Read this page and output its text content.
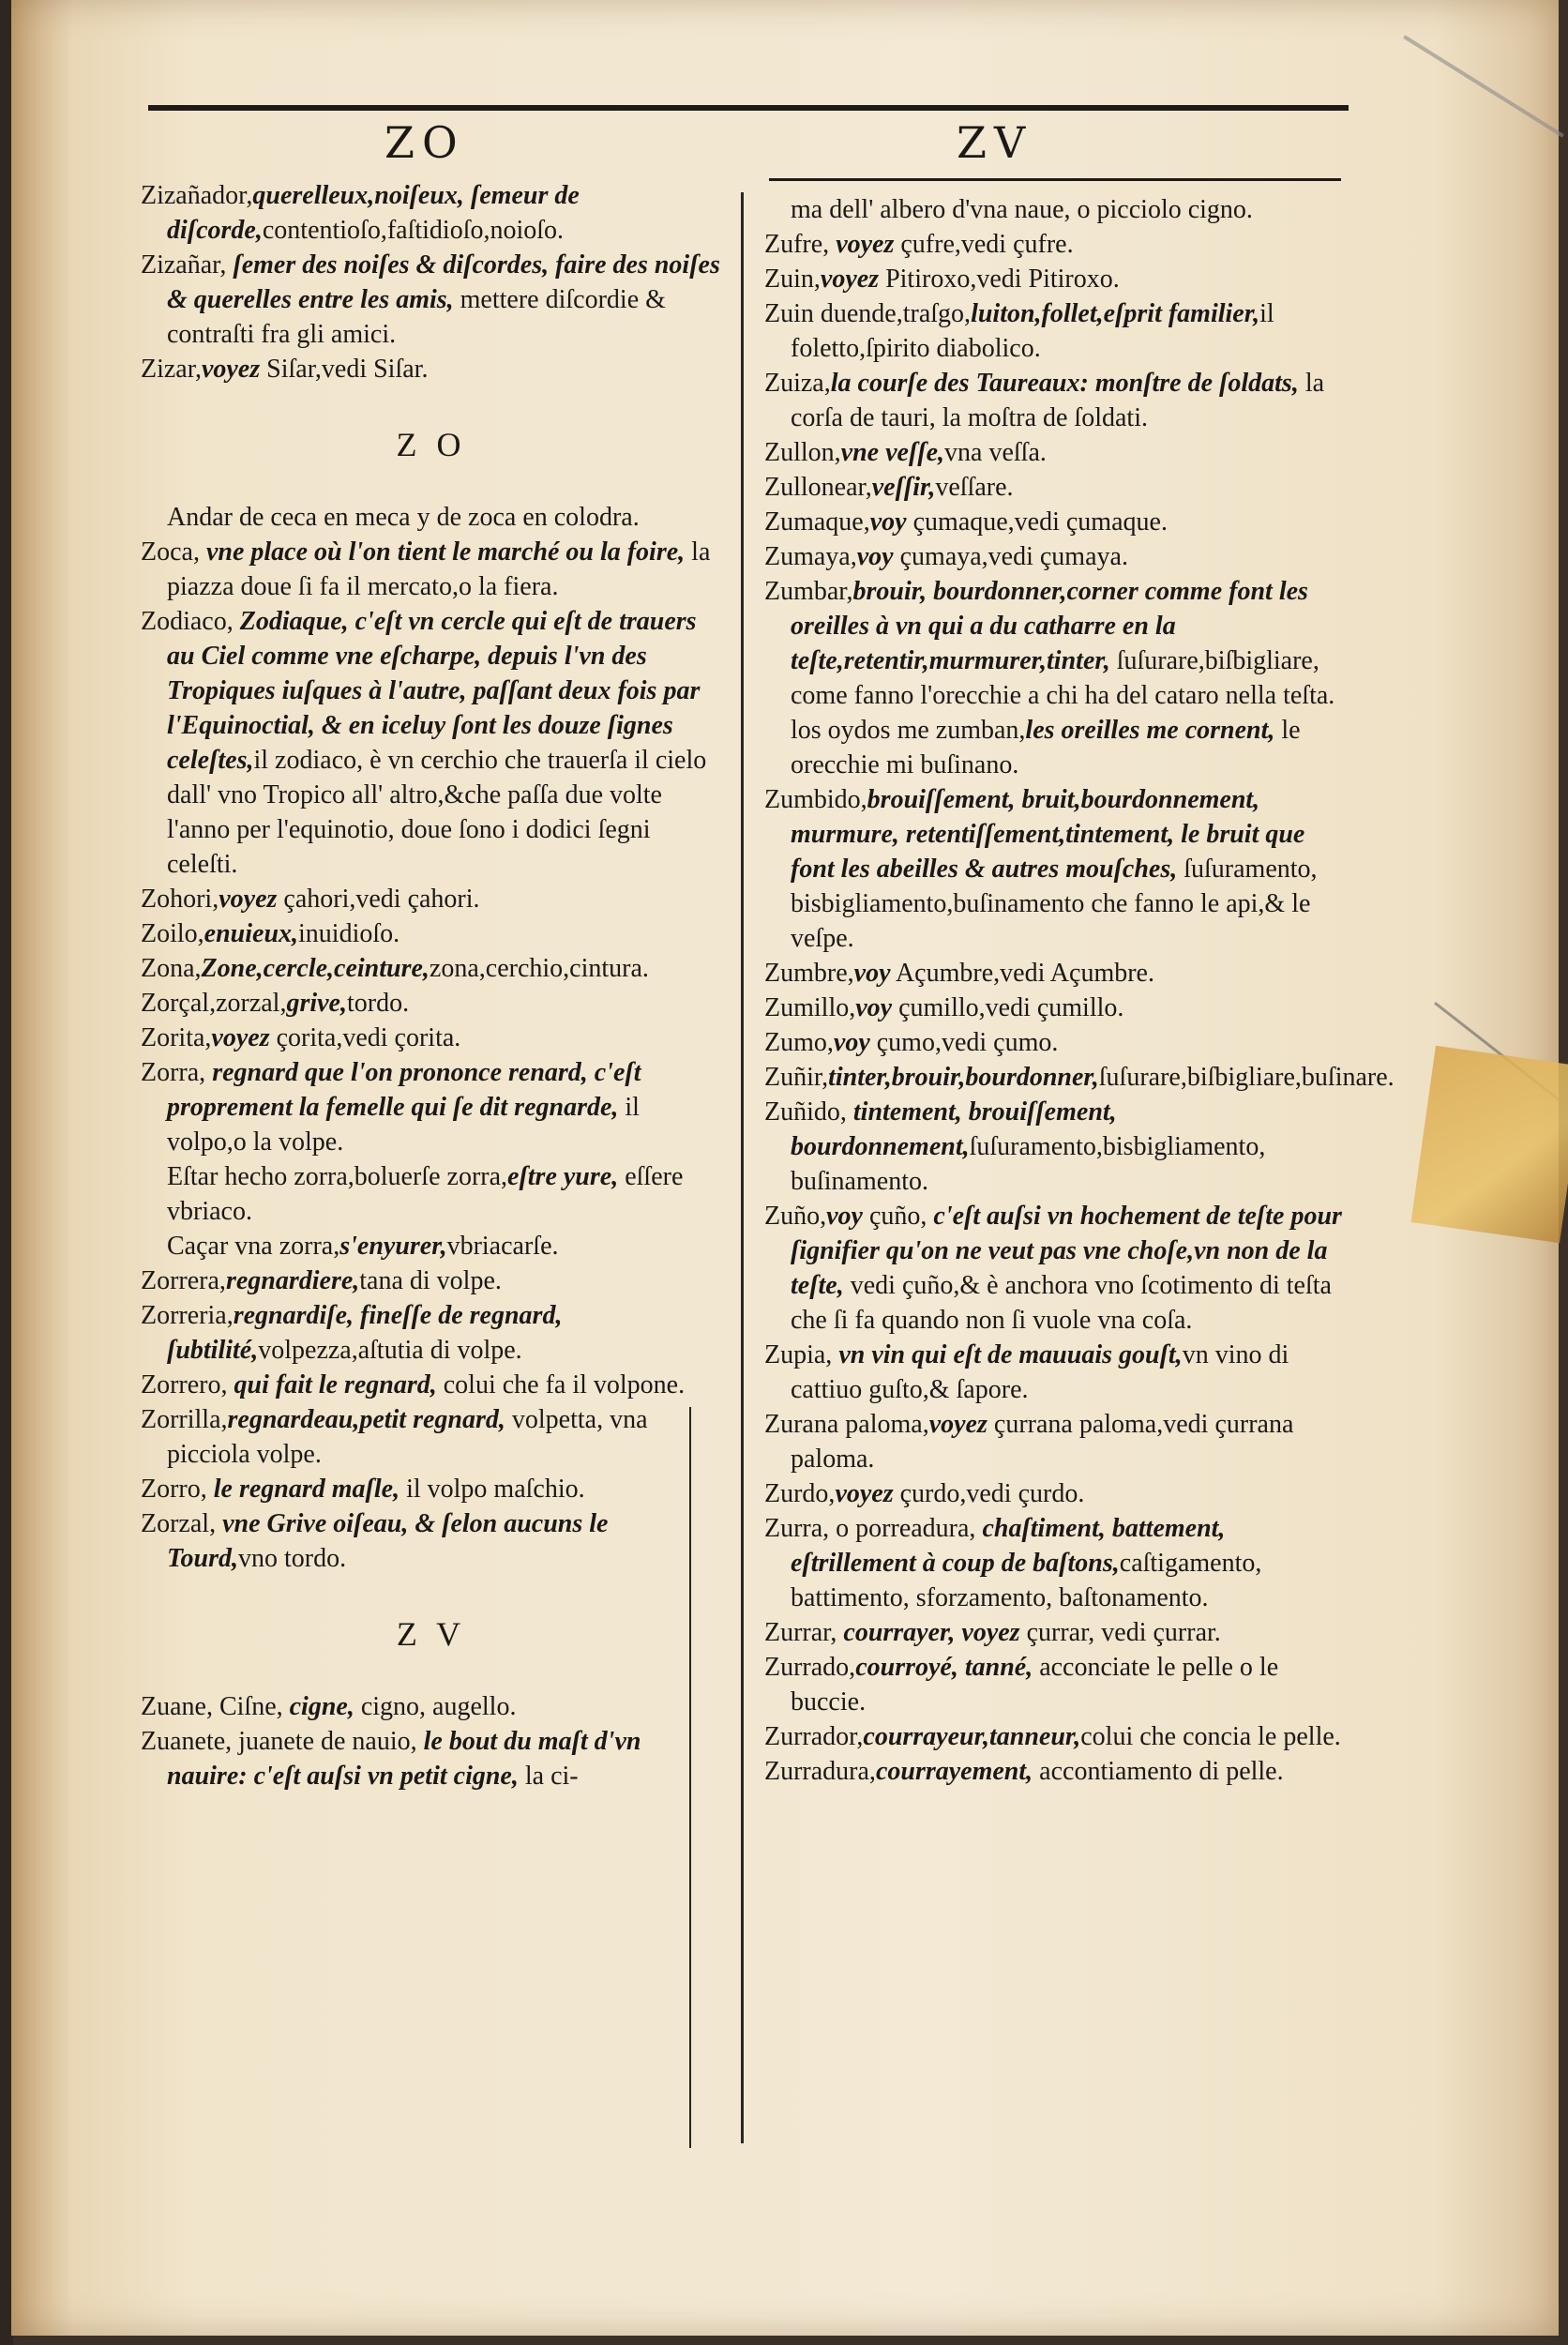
ZO	ZV

Zizañador,querelleux,noiſeux, ſemeur de diſcorde,contentioſo,faſtidioſo,noioſo.

Zizañar, ſemer des noiſes & diſcordes, faire des noiſes & querelles entre les amis, mettere diſcordie & contraſti fra gli amici.

Zizar,voyez Siſar,vedi Siſar.

Z O

Andar de ceca en meca y de zoca en colodra.

Zoca, vne place où l'on tient le marché ou la foire, la piazza doue ſi fa il mercato,o la fiera.

Zodiaco, Zodiaque, c'eſt vn cercle qui eſt de trauers au Ciel comme vne eſcharpe, depuis l'vn des Tropiques iuſques à l'autre, paſſant deux fois par l'Equinoctial, & en iceluy ſont les douze ſignes celeſtes,il zodiaco, è vn cerchio che trauerſa il cielo dall' vno Tropico all' altro,&che paſſa due volte l'anno per l'equinotio, doue ſono i dodici ſegni celeſti.

Zohori,voyez çahori,vedi çahori.

Zoilo,enuieux,inuidioſo.

Zona,Zone,cercle,ceinture,zona,cerchio,cintura.

Zorçal,zorzal,grive,tordo.

Zorita,voyez çorita,vedi çorita.

Zorra, regnard que l'on prononce renard, c'eſt proprement la femelle qui ſe dit regnarde, il volpo,o la volpe.

Eſtar hecho zorra,boluerſe zorra,eſtre yure, eſſere vbriaco.

Caçar vna zorra,s'enyurer,vbriacarſe.

Zorrera,regnardiere,tana di volpe.

Zorreria,regnardiſe, fineſſe de regnard, ſubtilité,volpezza,aſtutia di volpe.

Zorrero, qui fait le regnard, colui che fa il volpone.

Zorrilla,regnardeau,petit regnard, volpetta, vna picciola volpe.

Zorro, le regnard maſle, il volpo maſchio.

Zorzal, vne Grive oiſeau, & ſelon aucuns le Tourd,vno tordo.

Z V

Zuane, Ciſne, cigne, cigno, augello.

Zuanete, juanete de nauio, le bout du maſt d'vn nauire: c'eſt auſsi vn petit cigne, la ci-

ma dell' albero d'vna naue, o picciolo cigno.

Zufre, voyez çufre,vedi çufre.

Zuin,voyez Pitiroxo,vedi Pitiroxo.

Zuin duende,traſgo,luiton,follet,eſprit familier,il foletto,ſpirito diabolico.

Zuiza,la courſe des Taureaux: monſtre de ſoldats, la corſa de tauri, la moſtra de ſoldati.

Zullon,vne veſſe,vna veſſa.

Zullonear,veſſir,veſſare.

Zumaque,voy çumaque,vedi çumaque.

Zumaya,voy çumaya,vedi çumaya.

Zumbar,brouir, bourdonner,corner comme font les oreilles à vn qui a du catharre en la teſte,retentir,murmurer,tinter, ſuſurare,biſbigliare, come fanno l'orecchie a chi ha del cataro nella teſta.

los oydos me zumban,les oreilles me cornent, le orecchie mi buſinano.

Zumbido,brouiſſement, bruit,bourdonnement, murmure, retentiſſement,tintement, le bruit que font les abeilles & autres mouſches, ſuſuramento, bisbigliamento,buſinamento che fanno le api,& le veſpe.

Zumbre,voy Açumbre,vedi Açumbre.

Zumillo,voy çumillo,vedi çumillo.

Zumo,voy çumo,vedi çumo.

Zuñir,tinter,brouir,bourdonner,ſuſurare,biſbigliare,buſinare.

Zuñido, tintement, brouiſſement, bourdonnement,ſuſuramento,bisbigliamento, buſinamento.

Zuño,voy çuño, c'eſt auſsi vn hochement de teſte pour ſignifier qu'on ne veut pas vne choſe,vn non de la teſte, vedi çuño,& è anchora vno ſcotimento di teſta che ſi fa quando non ſi vuole vna coſa.

Zupia, vn vin qui eſt de mauuais gouſt,vn vino di cattiuo guſto,& ſapore.

Zurana paloma,voyez çurrana paloma,vedi çurrana paloma.

Zurdo,voyez çurdo,vedi çurdo.

Zurra, o porreadura, chaſtiment, battement, eſtrillement à coup de baſtons,caſtigamento, battimento, sforzamento, baſtonamento.

Zurrar, courrayer, voyez çurrar, vedi çurrar.

Zurrado,courroyé, tanné, acconciate le pelle o le buccie.

Zurrador,courrayeur,tanneur,colui che concia le pelle.

Zurradura,courrayement, accontiamento di pelle.
